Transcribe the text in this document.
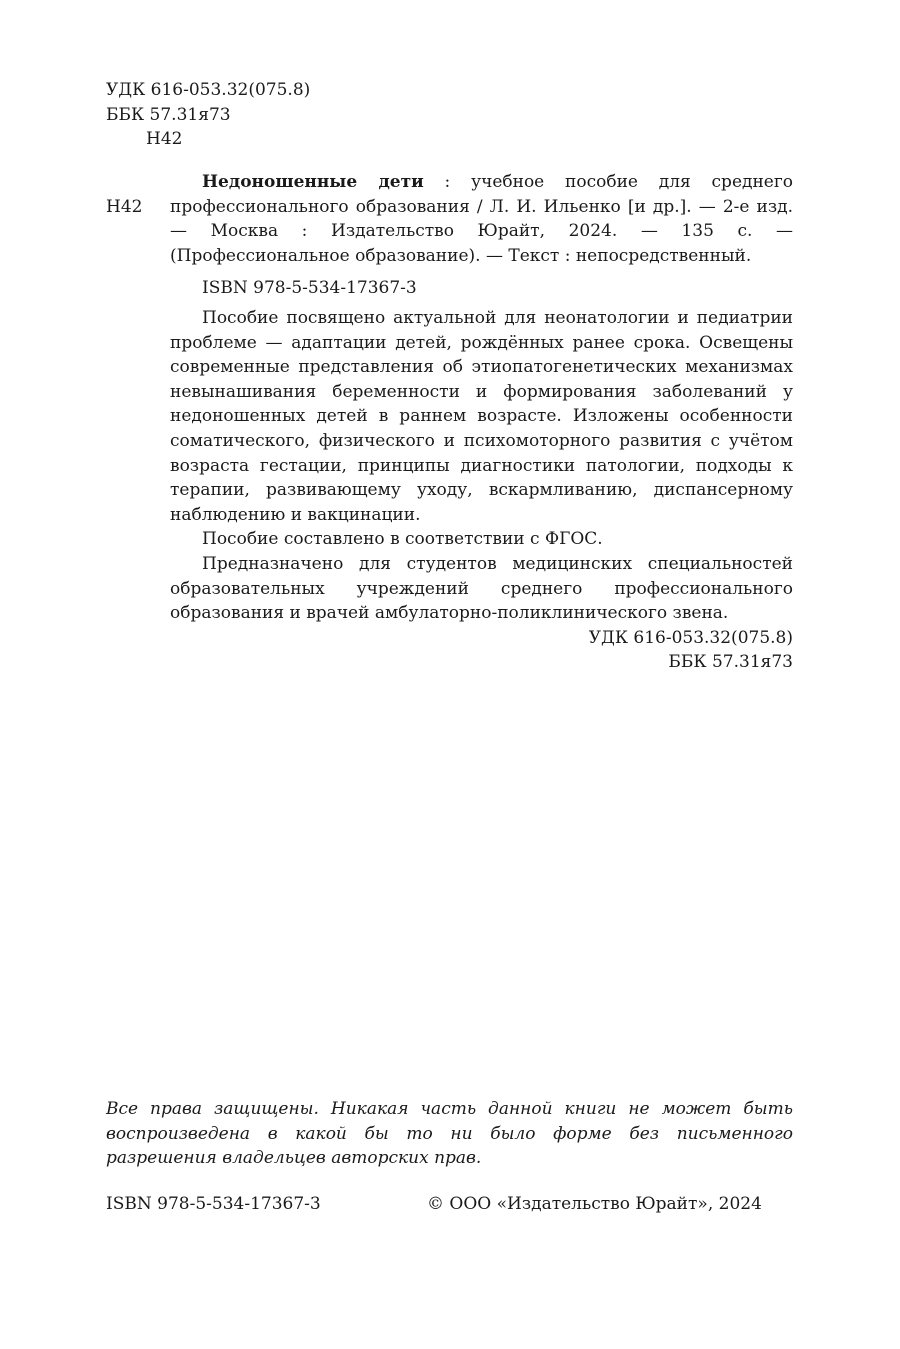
УДК 616-053.32(075.8)
ББК 57.31я73
Н42
Н42

Недоношенные дети : учебное пособие для среднего профессионального образования / Л. И. Ильенко [и др.]. — 2-е изд. — Москва : Издательство Юрайт, 2024. — 135 с. — (Профессиональное образование). — Текст : непосредственный.

ISBN 978-5-534-17367-3

Пособие посвящено актуальной для неонатологии и педиатрии проблеме — адаптации детей, рождённых ранее срока. Освещены современные представления об этиопатогенетических механизмах невынашивания беременности и формирования заболеваний у недоношенных детей в раннем возрасте. Изложены особенности соматического, физического и психомоторного развития с учётом возраста гестации, принципы диагностики патологии, подходы к терапии, развивающему уходу, вскармливанию, диспансерному наблюдению и вакцинации.

Пособие составлено в соответствии с ФГОС.

Предназначено для студентов медицинских специальностей образовательных учреждений среднего профессионального образования и врачей амбулаторно-поликлинического звена.

УДК 616-053.32(075.8)
ББК 57.31я73

Все права защищены. Никакая часть данной книги не может быть воспроизведена в какой бы то ни было форме без письменного разрешения владельцев авторских прав.

ISBN 978-5-534-17367-3	© ООО «Издательство Юрайт», 2024
